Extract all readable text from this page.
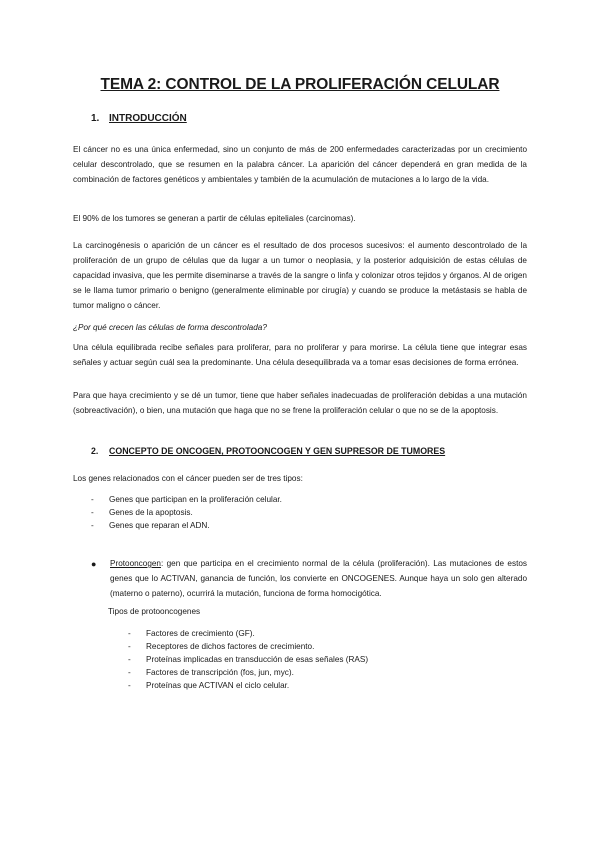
TEMA 2: CONTROL DE LA PROLIFERACIÓN CELULAR
1. INTRODUCCIÓN

El cáncer no es una única enfermedad, sino un conjunto de más de 200 enfermedades caracterizadas por un crecimiento celular descontrolado, que se resumen en la palabra cáncer. La aparición del cáncer dependerá en gran medida de la combinación de factores genéticos y ambientales y también de la acumulación de mutaciones a lo largo de la vida.

El 90% de los tumores se generan a partir de células epiteliales (carcinomas).

La carcinogénesis o aparición de un cáncer es el resultado de dos procesos sucesivos: el aumento descontrolado de la proliferación de un grupo de células que da lugar a un tumor o neoplasia, y la posterior adquisición de estas células de capacidad invasiva, que les permite diseminarse a través de la sangre o linfa y colonizar otros tejidos y órganos. Al de origen se le llama tumor primario o benigno (generalmente eliminable por cirugía) y cuando se produce la metástasis se habla de tumor maligno o cáncer.

¿Por qué crecen las células de forma descontrolada?

Una célula equilibrada recibe señales para proliferar, para no proliferar y para morirse. La célula tiene que integrar esas señales y actuar según cuál sea la predominante. Una célula desequilibrada va a tomar esas decisiones de forma errónea.

Para que haya crecimiento y se dé un tumor, tiene que haber señales inadecuadas de proliferación debidas a una mutación (sobreactivación), o bien, una mutación que haga que no se frene la proliferación celular o que no se de la apoptosis.

2. CONCEPTO DE ONCOGEN, PROTOONCOGEN Y GEN SUPRESOR DE TUMORES

Los genes relacionados con el cáncer pueden ser de tres tipos:

- Genes que participan en la proliferación celular.
- Genes de la apoptosis.
- Genes que reparan el ADN.
● Protooncogen: gen que participa en el crecimiento normal de la célula (proliferación). Las mutaciones de estos genes que lo ACTIVAN, ganancia de función, los convierte en ONCOGENES. Aunque haya un solo gen alterado (materno o paterno), ocurrirá la mutación, funciona de forma homocigótica.
Tipos de protooncogenes
- Factores de crecimiento (GF).
- Receptores de dichos factores de crecimiento.
- Proteínas implicadas en transducción de esas señales (RAS)
- Factores de transcripción (fos, jun, myc).
- Proteínas que ACTIVAN el ciclo celular.
